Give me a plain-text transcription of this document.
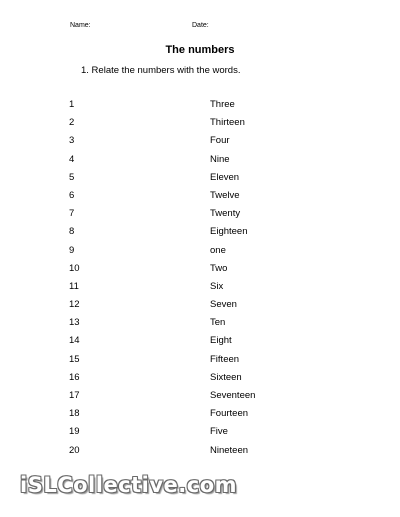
Name:	Date:
The numbers
1. Relate the numbers with the words.
1	Three
2	Thirteen
3	Four
4	Nine
5	Eleven
6	Twelve
7	Twenty
8	Eighteen
9	one
10	Two
11	Six
12	Seven
13	Ten
14	Eight
15	Fifteen
16	Sixteen
17	Seventeen
18	Fourteen
19	Five
20	Nineteen
iSLCollective.com
